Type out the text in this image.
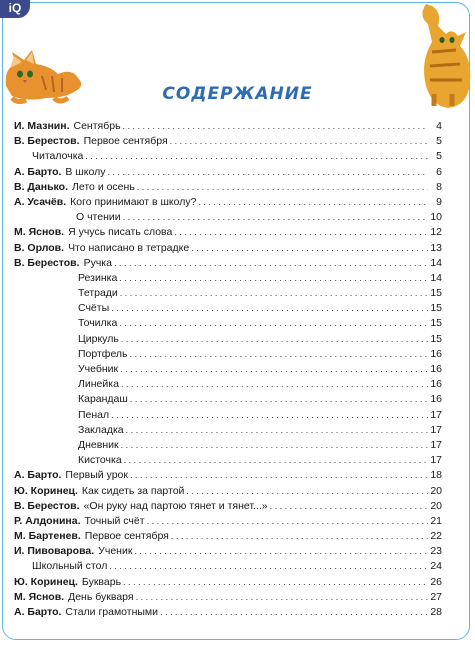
iQ
СОДЕРЖАНИЕ
И. Мазнин. Сентябрь . . .	4
В. Берестов. Первое сентября . . .	5
Читалочка . . .	5
А. Барто. В школу . . .	6
В. Данько. Лето и осень . . .	8
А. Усачёв. Кого принимают в школу? . . .	9
О чтении . . .	10
М. Яснов. Я учусь писать слова . . .	12
В. Орлов. Что написано в тетрадке . . .	13
В. Берестов. Ручка . . .	14
Резинка . . .	14
Тетради . . .	15
Счёты . . .	15
Точилка . . .	15
Циркуль . . .	15
Портфель . . .	16
Учебник . . .	16
Линейка . . .	16
Карандаш . . .	16
Пенал . . .	17
Закладка . . .	17
Дневник . . .	17
Кисточка . . .	17
А. Барто. Первый урок . . .	18
Ю. Коринец. Как сидеть за партой . . .	20
В. Берестов. «Он руку над партою тянет и тянет...» . . .	20
Р. Алдонина. Точный счёт . . .	21
М. Бартенев. Первое сентября . . .	22
И. Пивоварова. Ученик . . .	23
Школьный стол . . .	24
Ю. Коринец. Букварь . . .	26
М. Яснов. День букваря . . .	27
А. Барто. Стали грамотными . . .	28
